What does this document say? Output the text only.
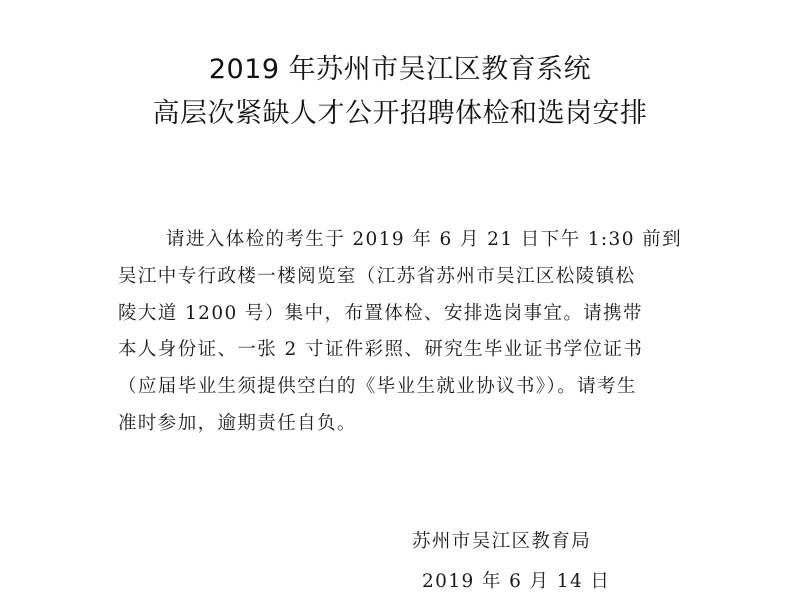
2019 年苏州市吴江区教育系统
高层次紧缺人才公开招聘体检和选岗安排
请进入体检的考生于 2019 年 6 月 21 日下午 1:30 前到
吴江中专行政楼一楼阅览室（江苏省苏州市吴江区松陵镇松
陵大道 1200 号）集中，布置体检、安排选岗事宜。请携带
本人身份证、一张 2 寸证件彩照、研究生毕业证书学位证书
（应届毕业生须提供空白的《毕业生就业协议书》）。请考生
准时参加，逾期责任自负。
苏州市吴江区教育局
2019 年 6 月 14 日
